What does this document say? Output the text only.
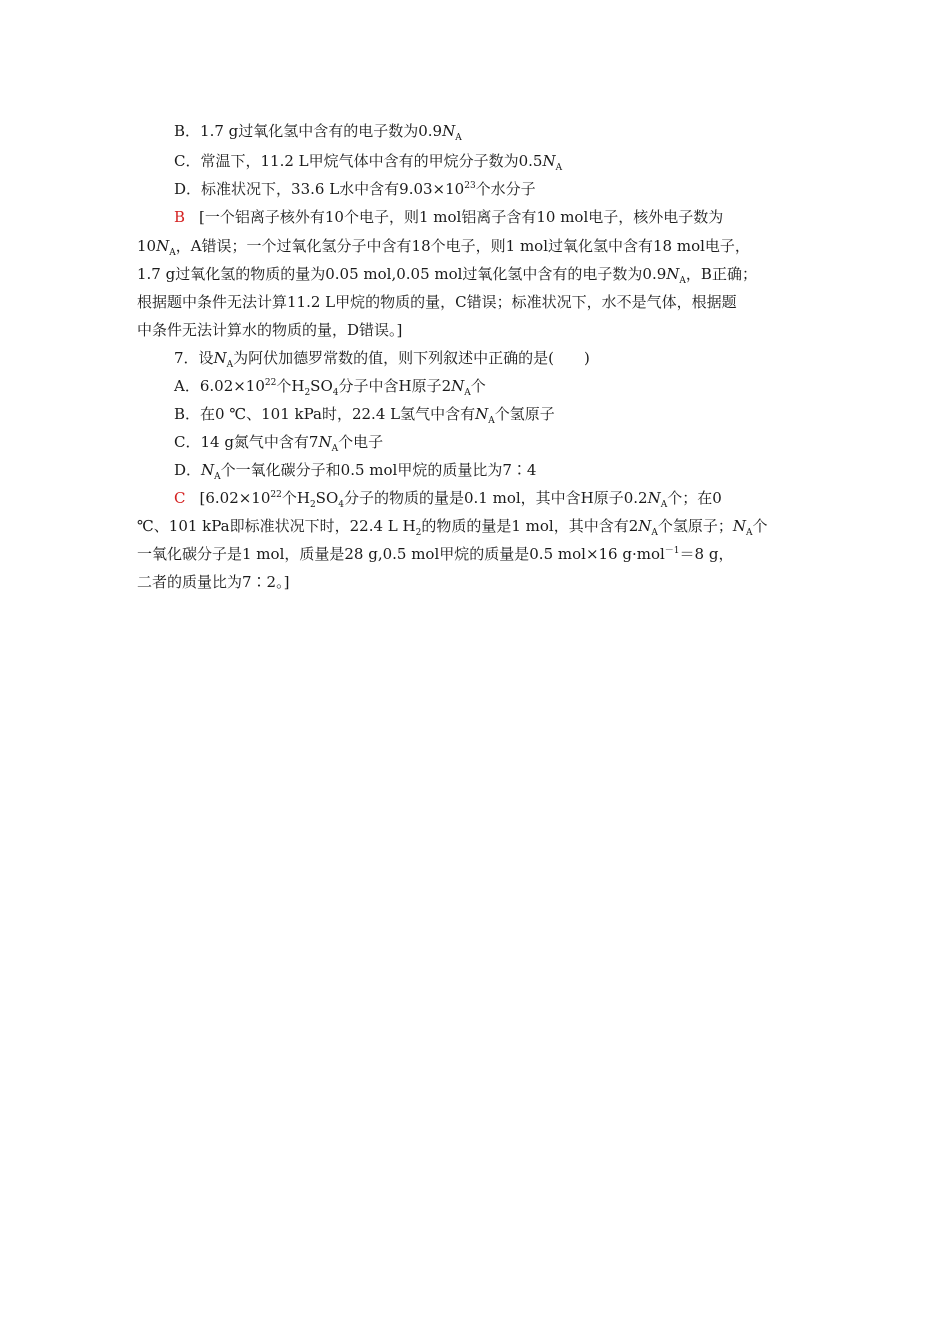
B．1.7 g过氧化氢中含有的电子数为$0.9N_A$
C．常温下，11.2 L甲烷气体中含有的甲烷分子数为$0.5N_A$
D．标准状况下，33.6 L水中含有$9.03\times 10^{23}$个水分子
B [一个铝离子核外有10个电子，则1 mol铝离子含有10 mol电子，核外电子数为
$10N_A$，A错误；一个过氧化氢分子中含有18个电子，则1 mol过氧化氢中含有18 mol电子，
1.7 g过氧化氢的物质的量为0.05 mol,0.05 mol过氧化氢中含有的电子数为$0.9N_A$，B正确；
根据题中条件无法计算11.2 L甲烷的物质的量，C错误；标准状况下，水不是气体，根据题
中条件无法计算水的物质的量，D错误。]
7．设$N_A$为阿伏加德罗常数的值，则下列叙述中正确的是(　　)
A．$6.02\times 10^{22}$个$H_2SO_4$分子中含H原子$2N_A$个
B．在0 ℃、101 kPa时，22.4 L氢气中含有$N_A$个氢原子
C．14 g氮气中含有$7N_A$个电子
D．$N_A$个一氧化碳分子和0.5 mol甲烷的质量比为7∶4
C [$6.02\times 10^{22}$个$H_2SO_4$分子的物质的量是0.1 mol，其中含H原子$0.2N_A$个；在0
℃、101 kPa即标准状况下时，22.4 L $H_2$的物质的量是1 mol，其中含有$2N_A$个氢原子；$N_A$个
一氧化碳分子是1 mol，质量是28 g,0.5 mol甲烷的质量是0.5 mol×16 g·mol$^{-1}$＝8 g，
二者的质量比为7∶2。]
